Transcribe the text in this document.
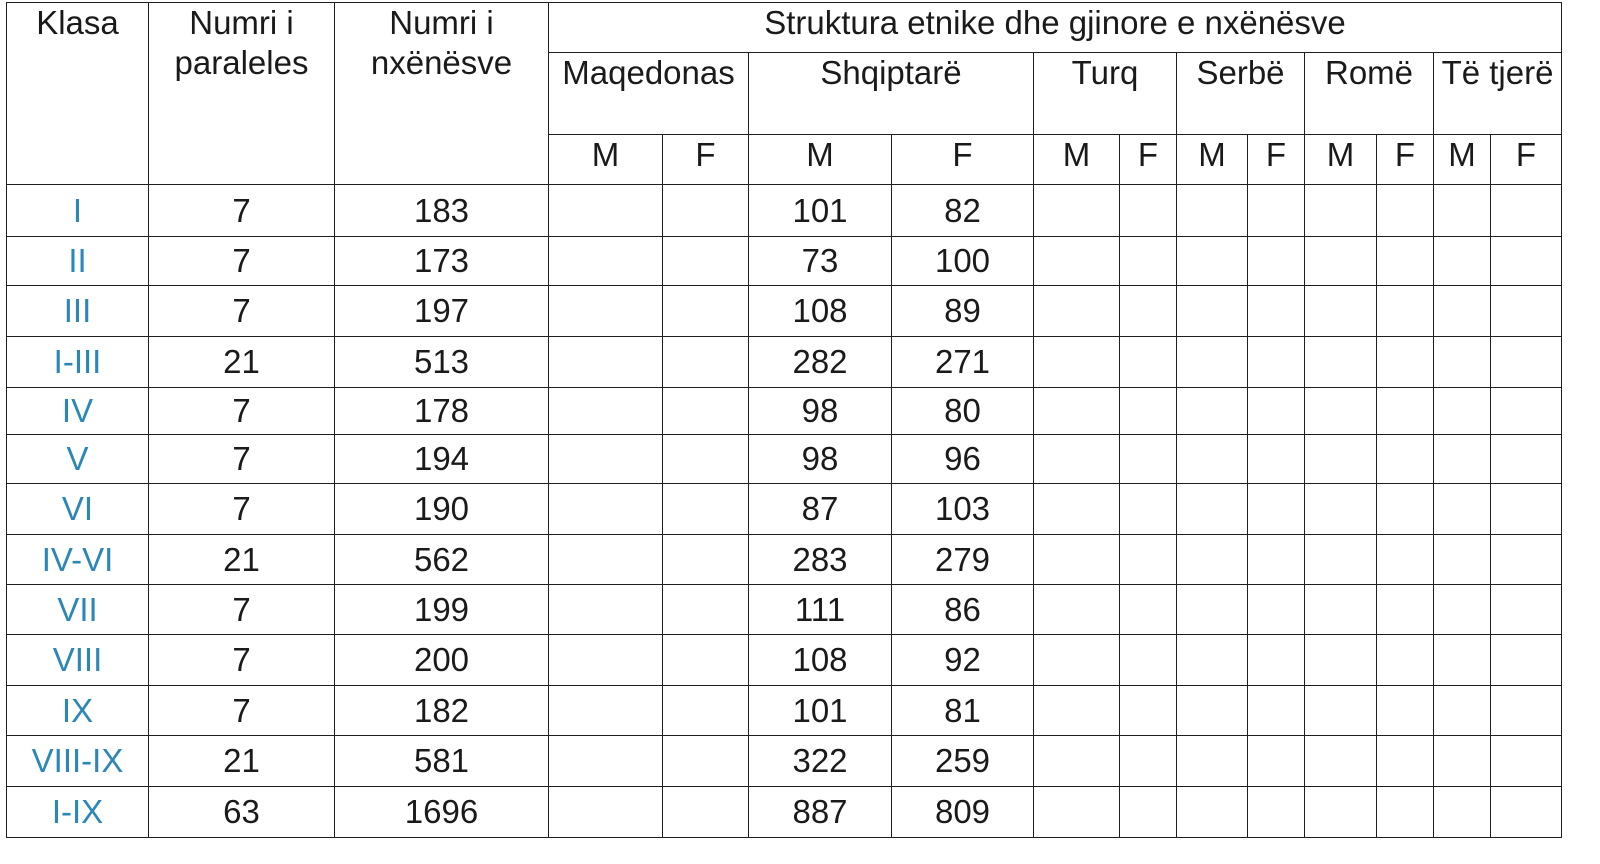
Klasa	Numri i paraleles	Numri i nxënësve	Struktura etnike dhe gjinore e nxënësve											
			Maqedonas		Shqiptarë		Turq		Serbë		Romë		Të tjerë	
			M	F	M	F	M	F	M	F	M	F	M	F
I	7	183			101	82								
II	7	173			73	100								
III	7	197			108	89								
I-III	21	513			282	271								
IV	7	178			98	80								
V	7	194			98	96								
VI	7	190			87	103								
IV-VI	21	562			283	279								
VII	7	199			111	86								
VIII	7	200			108	92								
IX	7	182			101	81								
VIII-IX	21	581			322	259								
I-IX	63	1696			887	809								
